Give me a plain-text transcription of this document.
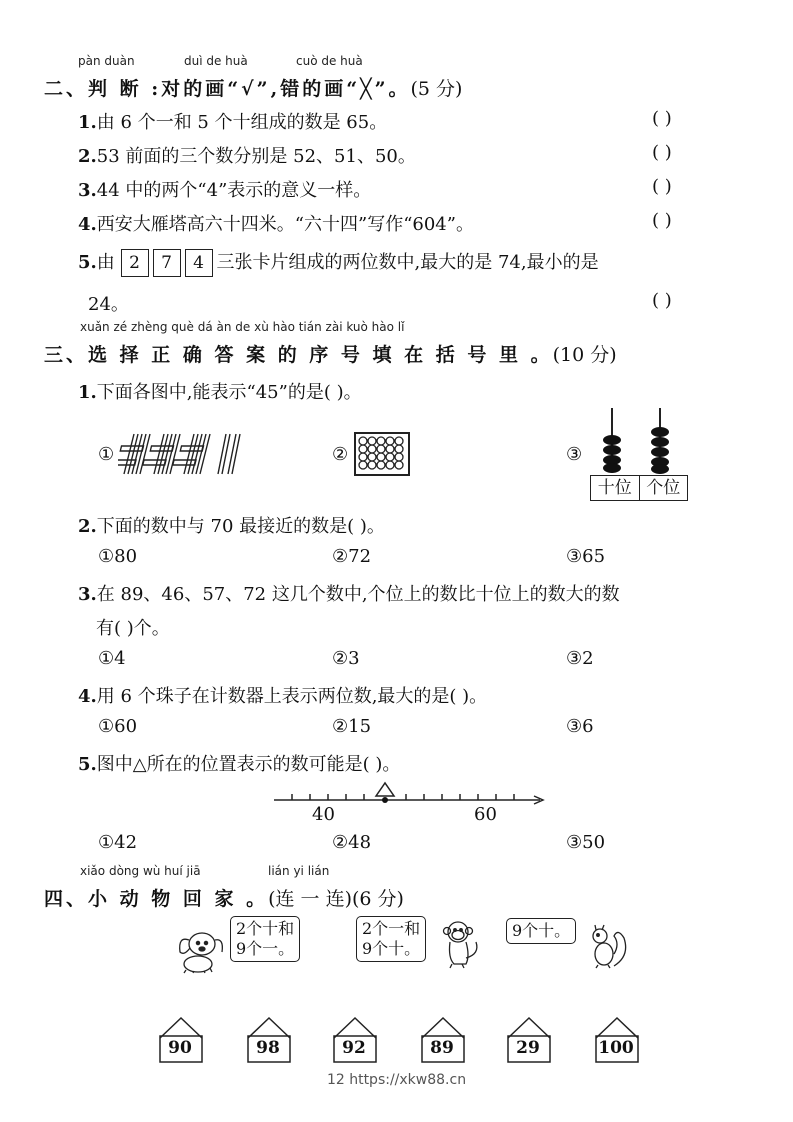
pàn duàn	duì de huà	cuò de huà
二、判 断 :对的画“√”,错的画“╳”。(5 分)
1.由 6 个一和 5 个十组成的数是 65。	( )
2.53 前面的三个数分别是 52、51、50。	( )
3.44 中的两个“4”表示的意义一样。	( )
4.西安大雁塔高六十四米。“六十四”写作“604”。	( )
5.由 2 7 4 三张卡片组成的两位数中,最大的是 74,最小的是
24。	( )
xuǎn zé zhèng què dá àn de xù hào tián zài kuò hào lǐ
三、选 择 正 确 答 案 的 序 号 填 在 括 号 里 。(10 分)
1.下面各图中,能表示“45”的是( )。
①	②	③
十位 个位
2.下面的数中与 70 最接近的数是( )。
①80	②72	③65
3.在 89、46、57、72 这几个数中,个位上的数比十位上的数大的数
有( )个。
①4	②3	③2
4.用 6 个珠子在计数器上表示两位数,最大的是( )。
①60	②15	③6
5.图中△所在的位置表示的数可能是( )。
40	60
①42	②48	③50
xiǎo dòng wù huí jiā	lián yi lián
四、小 动 物 回 家 。(连 一 连)(6 分)
2个十和
9个一。
2个一和
9个十。
9个十。
90	98	92	89	29	100
12 https://xkw88.cn
